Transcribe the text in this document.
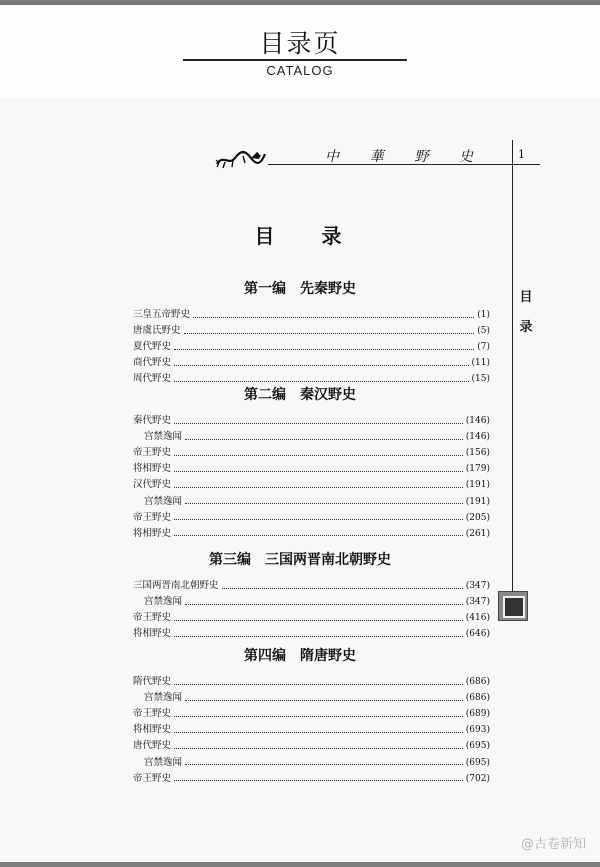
目录页
CATALOG
中 華 野 史	1
目
录
目 录
第一编　先秦野史
三皇五帝野史	(1)
唐虞氏野史	(5)
夏代野史	(7)
商代野史	(11)
周代野史	(15)
第二编　秦汉野史
秦代野史	(146)
宫禁逸闻	(146)
帝王野史	(156)
将相野史	(179)
汉代野史	(191)
宫禁逸闻	(191)
帝王野史	(205)
将相野史	(261)
第三编　三国两晋南北朝野史
三国两晋南北朝野史	(347)
宫禁逸闻	(347)
帝王野史	(416)
将相野史	(646)
第四编　隋唐野史
隋代野史	(686)
宫禁逸闻	(686)
帝王野史	(689)
将相野史	(693)
唐代野史	(695)
宫禁逸闻	(695)
帝王野史	(702)
@古卷新知
